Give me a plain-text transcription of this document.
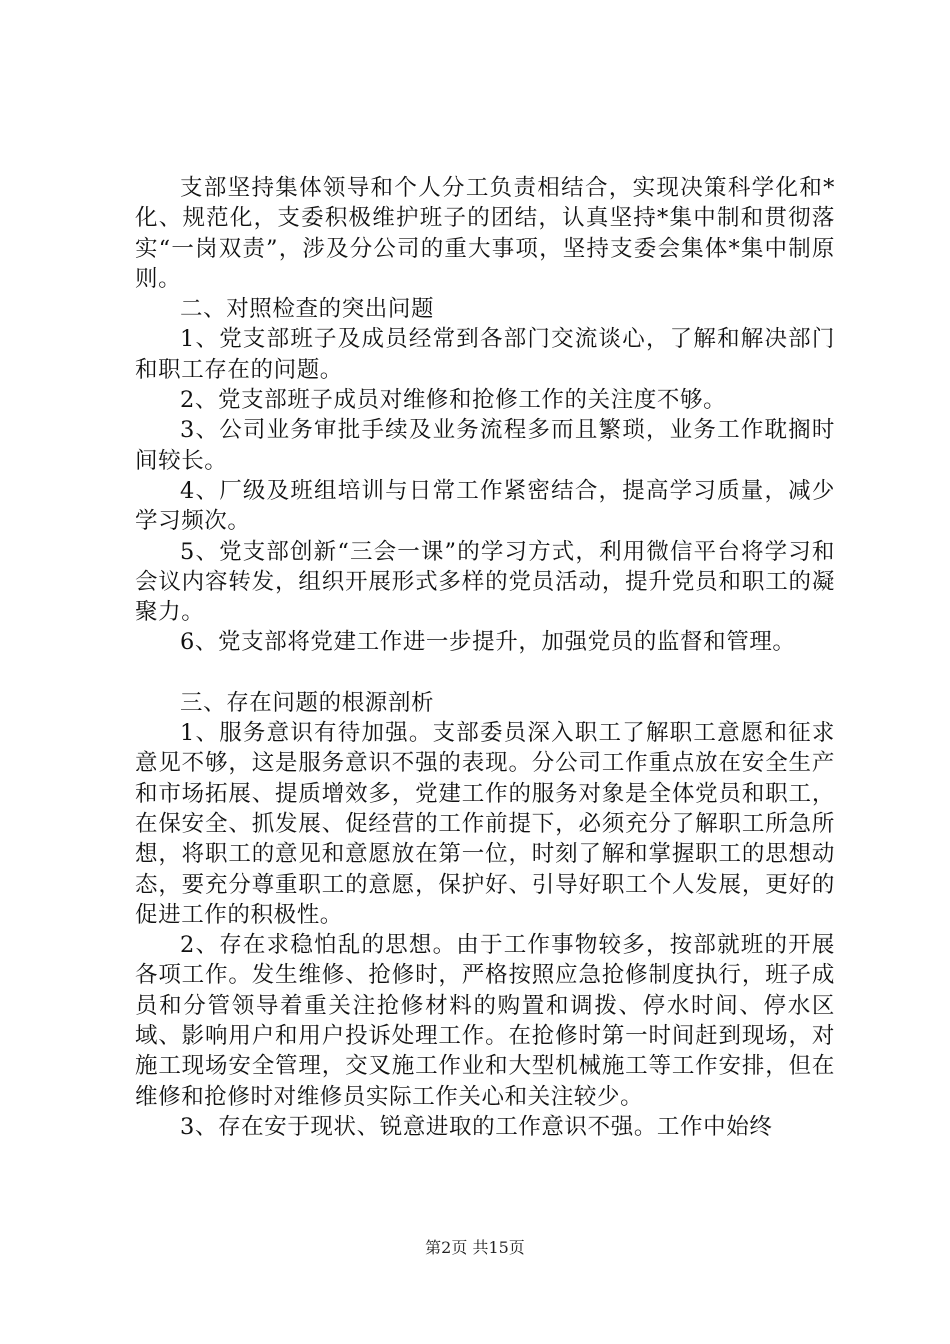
支部坚持集体领导和个人分工负责相结合，实现决策科学化和*化、规范化，支委积极维护班子的团结，认真坚持*集中制和贯彻落实“一岗双责”，涉及分公司的重大事项，坚持支委会集体*集中制原则。

二、对照检查的突出问题

1、党支部班子及成员经常到各部门交流谈心，了解和解决部门和职工存在的问题。

2、党支部班子成员对维修和抢修工作的关注度不够。

3、公司业务审批手续及业务流程多而且繁琐，业务工作耽搁时间较长。

4、厂级及班组培训与日常工作紧密结合，提高学习质量，减少学习频次。

5、党支部创新“三会一课”的学习方式，利用微信平台将学习和会议内容转发，组织开展形式多样的党员活动，提升党员和职工的凝聚力。

6、党支部将党建工作进一步提升，加强党员的监督和管理。

三、存在问题的根源剖析

1、服务意识有待加强。支部委员深入职工了解职工意愿和征求意见不够，这是服务意识不强的表现。分公司工作重点放在安全生产和市场拓展、提质增效多，党建工作的服务对象是全体党员和职工，在保安全、抓发展、促经营的工作前提下，必须充分了解职工所急所想，将职工的意见和意愿放在第一位，时刻了解和掌握职工的思想动态，要充分尊重职工的意愿，保护好、引导好职工个人发展，更好的促进工作的积极性。

2、存在求稳怕乱的思想。由于工作事物较多，按部就班的开展各项工作。发生维修、抢修时，严格按照应急抢修制度执行，班子成员和分管领导着重关注抢修材料的购置和调拨、停水时间、停水区域、影响用户和用户投诉处理工作。在抢修时第一时间赶到现场，对施工现场安全管理，交叉施工作业和大型机械施工等工作安排，但在维修和抢修时对维修员实际工作关心和关注较少。

3、存在安于现状、锐意进取的工作意识不强。工作中始终

第2页 共15页
